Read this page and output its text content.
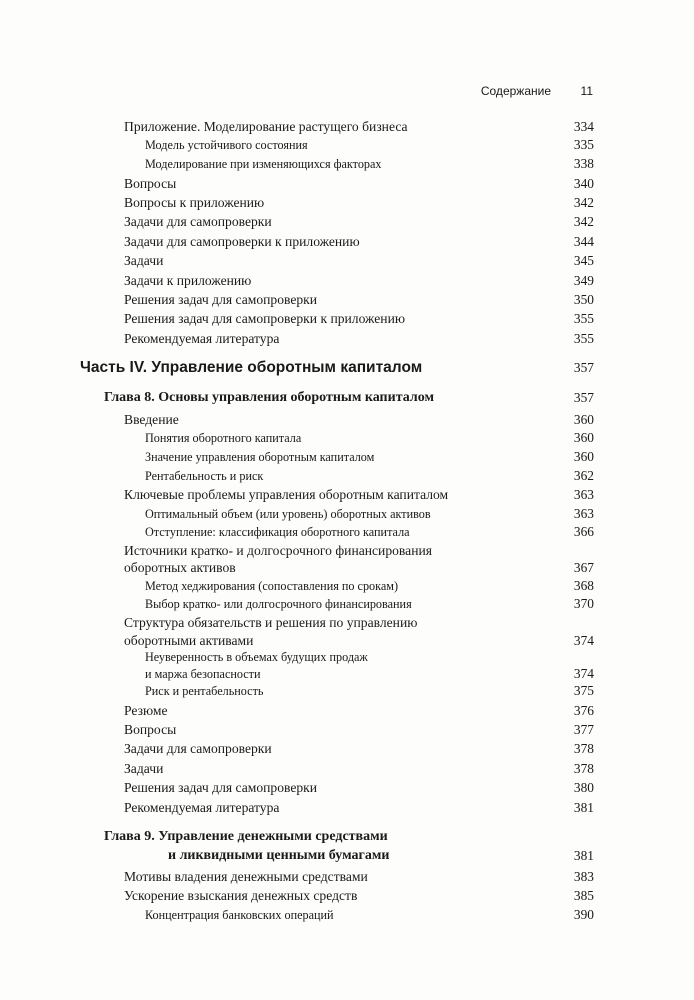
Содержание 11
Приложение. Моделирование растущего бизнеса	334
Модель устойчивого состояния	335
Моделирование при изменяющихся факторах	338
Вопросы	340
Вопросы к приложению	342
Задачи для самопроверки	342
Задачи для самопроверки к приложению	344
Задачи	345
Задачи к приложению	349
Решения задач для самопроверки	350
Решения задач для самопроверки к приложению	355
Рекомендуемая литература	355
Часть IV. Управление оборотным капиталом	357
Глава 8. Основы управления оборотным капиталом	357
Введение	360
Понятия оборотного капитала	360
Значение управления оборотным капиталом	360
Рентабельность и риск	362
Ключевые проблемы управления оборотным капиталом	363
Оптимальный объем (или уровень) оборотных активов	363
Отступление: классификация оборотного капитала	366
Источники кратко- и долгосрочного финансирования
оборотных активов	367
Метод хеджирования (сопоставления по срокам)	368
Выбор кратко- или долгосрочного финансирования	370
Структура обязательств и решения по управлению
оборотными активами	374
Неуверенность в объемах будущих продаж
и маржа безопасности	374
Риск и рентабельность	375
Резюме	376
Вопросы	377
Задачи для самопроверки	378
Задачи	378
Решения задач для самопроверки	380
Рекомендуемая литература	381
Глава 9. Управление денежными средствами
и ликвидными ценными бумагами	381
Мотивы владения денежными средствами	383
Ускорение взыскания денежных средств	385
Концентрация банковских операций	390
